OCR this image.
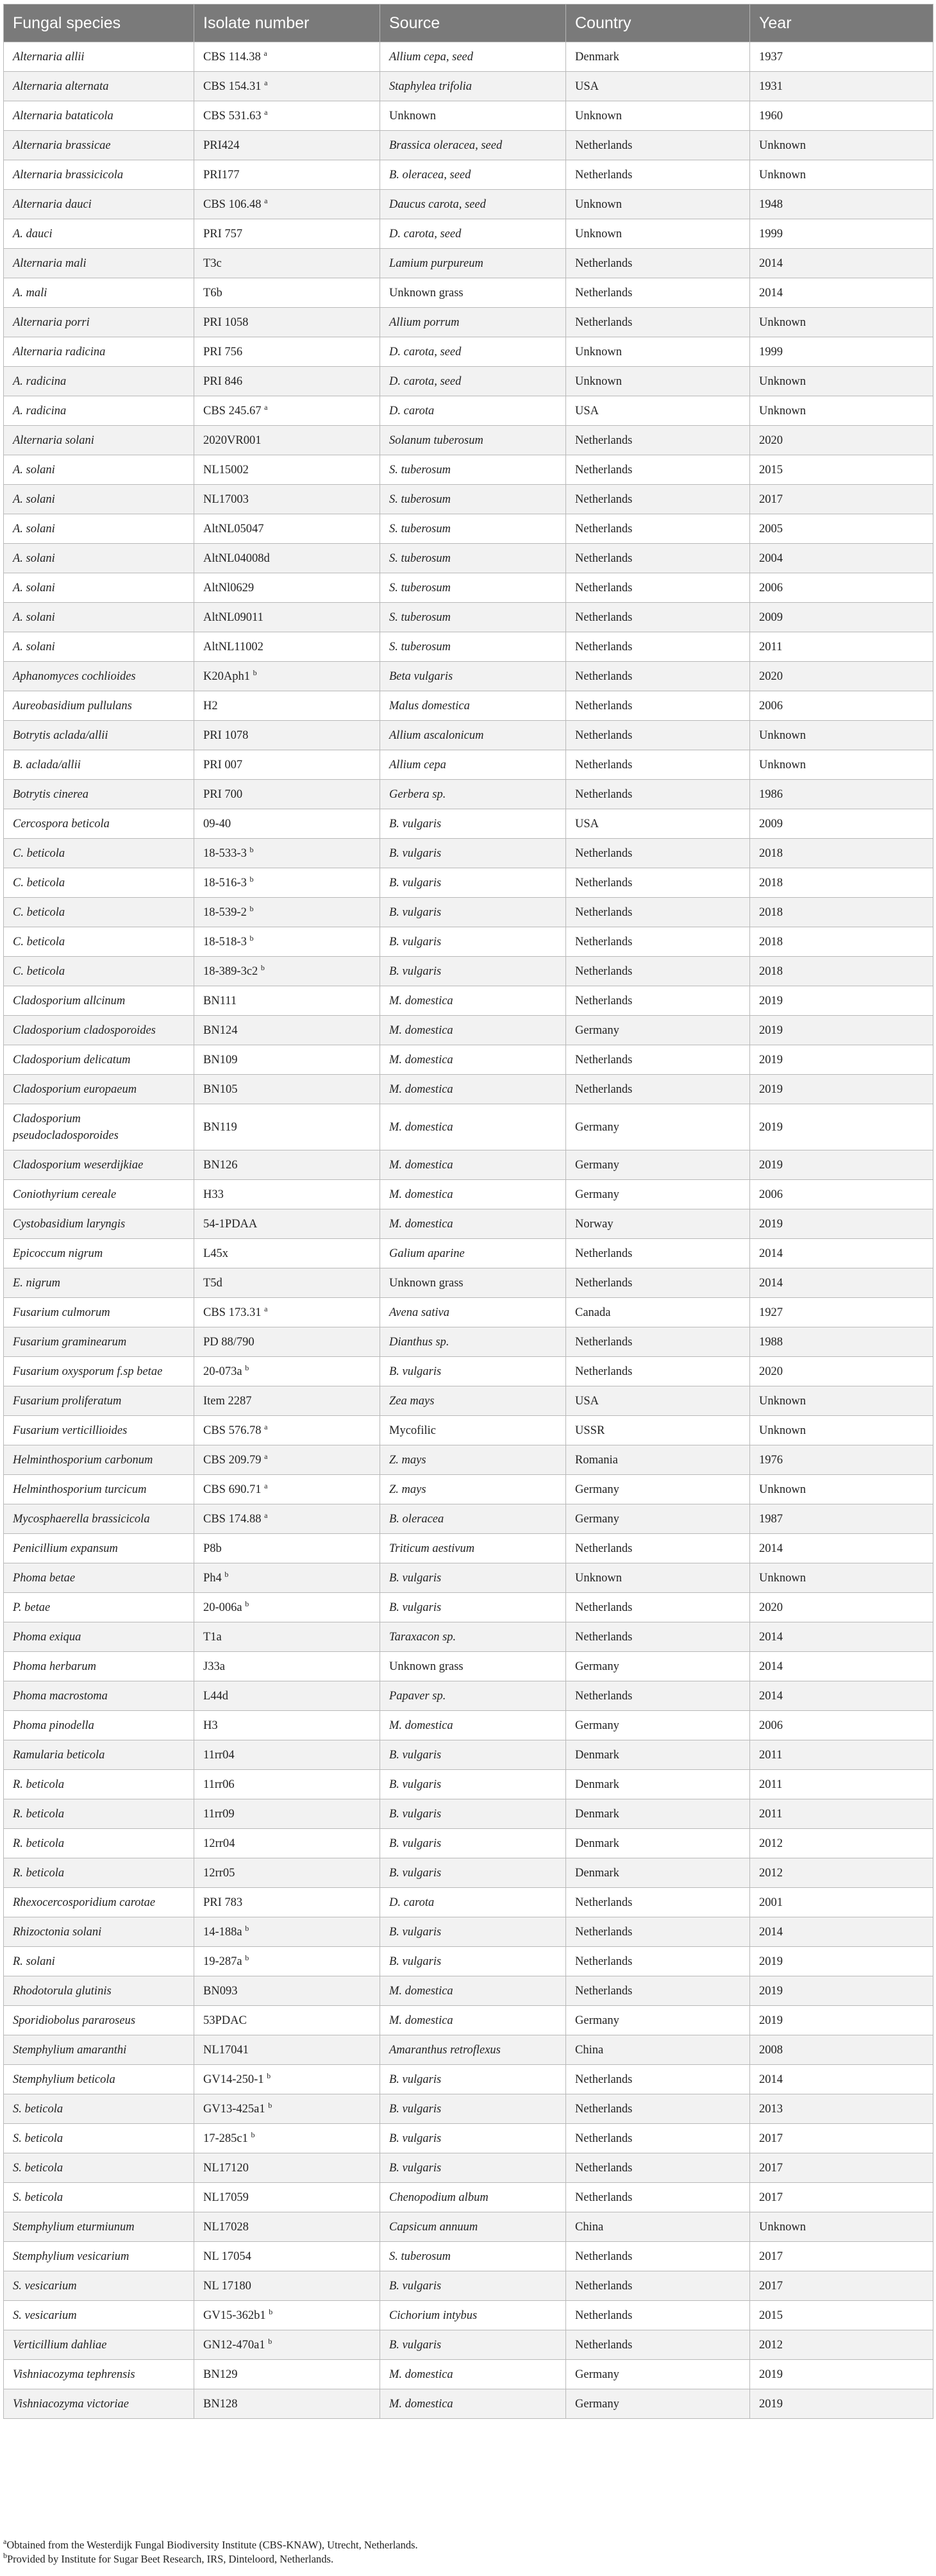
Fungal species	Isolate number	Source	Country	Year
Alternaria allii	CBS 114.38 $^a$	Allium cepa, seed	Denmark	1937
Alternaria alternata	CBS 154.31 $^a$	Staphylea trifolia	USA	1931
Alternaria bataticola	CBS 531.63 $^a$	Unknown	Unknown	1960
Alternaria brassicae	PRI424	Brassica oleracea, seed	Netherlands	Unknown
Alternaria brassicicola	PRI177	B. oleracea, seed	Netherlands	Unknown
Alternaria dauci	CBS 106.48 $^a$	Daucus carota, seed	Unknown	1948
A. dauci	PRI 757	D. carota, seed	Unknown	1999
Alternaria mali	T3c	Lamium purpureum	Netherlands	2014
A. mali	T6b	Unknown grass	Netherlands	2014
Alternaria porri	PRI 1058	Allium porrum	Netherlands	Unknown
Alternaria radicina	PRI 756	D. carota, seed	Unknown	1999
A. radicina	PRI 846	D. carota, seed	Unknown	Unknown
A. radicina	CBS 245.67 $^a$	D. carota	USA	Unknown
Alternaria solani	2020VR001	Solanum tuberosum	Netherlands	2020
A. solani	NL15002	S. tuberosum	Netherlands	2015
A. solani	NL17003	S. tuberosum	Netherlands	2017
A. solani	AltNL05047	S. tuberosum	Netherlands	2005
A. solani	AltNL04008d	S. tuberosum	Netherlands	2004
A. solani	AltNl0629	S. tuberosum	Netherlands	2006
A. solani	AltNL09011	S. tuberosum	Netherlands	2009
A. solani	AltNL11002	S. tuberosum	Netherlands	2011
Aphanomyces cochlioides	K20Aph1 $^b$	Beta vulgaris	Netherlands	2020
Aureobasidium pullulans	H2	Malus domestica	Netherlands	2006
Botrytis aclada/allii	PRI 1078	Allium ascalonicum	Netherlands	Unknown
B. aclada/allii	PRI 007	Allium cepa	Netherlands	Unknown
Botrytis cinerea	PRI 700	Gerbera sp.	Netherlands	1986
Cercospora beticola	09-40	B. vulgaris	USA	2009
C. beticola	18-533-3 $^b$	B. vulgaris	Netherlands	2018
C. beticola	18-516-3 $^b$	B. vulgaris	Netherlands	2018
C. beticola	18-539-2 $^b$	B. vulgaris	Netherlands	2018
C. beticola	18-518-3 $^b$	B. vulgaris	Netherlands	2018
C. beticola	18-389-3c2 $^b$	B. vulgaris	Netherlands	2018
Cladosporium allcinum	BN111	M. domestica	Netherlands	2019
Cladosporium cladosporoides	BN124	M. domestica	Germany	2019
Cladosporium delicatum	BN109	M. domestica	Netherlands	2019
Cladosporium europaeum	BN105	M. domestica	Netherlands	2019
Cladosporium pseudocladosporoides	BN119	M. domestica	Germany	2019
Cladosporium weserdijkiae	BN126	M. domestica	Germany	2019
Coniothyrium cereale	H33	M. domestica	Germany	2006
Cystobasidium laryngis	54-1PDAA	M. domestica	Norway	2019
Epicoccum nigrum	L45x	Galium aparine	Netherlands	2014
E. nigrum	T5d	Unknown grass	Netherlands	2014
Fusarium culmorum	CBS 173.31 $^a$	Avena sativa	Canada	1927
Fusarium graminearum	PD 88/790	Dianthus sp.	Netherlands	1988
Fusarium oxysporum f.sp betae	20-073a $^b$	B. vulgaris	Netherlands	2020
Fusarium proliferatum	Item 2287	Zea mays	USA	Unknown
Fusarium verticillioides	CBS 576.78 $^a$	Mycofilic	USSR	Unknown
Helminthosporium carbonum	CBS 209.79 $^a$	Z. mays	Romania	1976
Helminthosporium turcicum	CBS 690.71 $^a$	Z. mays	Germany	Unknown
Mycosphaerella brassicicola	CBS 174.88 $^a$	B. oleracea	Germany	1987
Penicillium expansum	P8b	Triticum aestivum	Netherlands	2014
Phoma betae	Ph4 $^b$	B. vulgaris	Unknown	Unknown
P. betae	20-006a $^b$	B. vulgaris	Netherlands	2020
Phoma exiqua	T1a	Taraxacon sp.	Netherlands	2014
Phoma herbarum	J33a	Unknown grass	Germany	2014
Phoma macrostoma	L44d	Papaver sp.	Netherlands	2014
Phoma pinodella	H3	M. domestica	Germany	2006
Ramularia beticola	11rr04	B. vulgaris	Denmark	2011
R. beticola	11rr06	B. vulgaris	Denmark	2011
R. beticola	11rr09	B. vulgaris	Denmark	2011
R. beticola	12rr04	B. vulgaris	Denmark	2012
R. beticola	12rr05	B. vulgaris	Denmark	2012
Rhexocercosporidium carotae	PRI 783	D. carota	Netherlands	2001
Rhizoctonia solani	14-188a $^b$	B. vulgaris	Netherlands	2014
R. solani	19-287a $^b$	B. vulgaris	Netherlands	2019
Rhodotorula glutinis	BN093	M. domestica	Netherlands	2019
Sporidiobolus pararoseus	53PDAC	M. domestica	Germany	2019
Stemphylium amaranthi	NL17041	Amaranthus retroflexus	China	2008
Stemphylium beticola	GV14-250-1 $^b$	B. vulgaris	Netherlands	2014
S. beticola	GV13-425a1 $^b$	B. vulgaris	Netherlands	2013
S. beticola	17-285c1 $^b$	B. vulgaris	Netherlands	2017
S. beticola	NL17120	B. vulgaris	Netherlands	2017
S. beticola	NL17059	Chenopodium album	Netherlands	2017
Stemphylium eturmiunum	NL17028	Capsicum annuum	China	Unknown
Stemphylium vesicarium	NL 17054	S. tuberosum	Netherlands	2017
S. vesicarium	NL 17180	B. vulgaris	Netherlands	2017
S. vesicarium	GV15-362b1 $^b$	Cichorium intybus	Netherlands	2015
Verticillium dahliae	GN12-470a1 $^b$	B. vulgaris	Netherlands	2012
Vishniacozyma tephrensis	BN129	M. domestica	Germany	2019
Vishniacozyma victoriae	BN128	M. domestica	Germany	2019
$^a$Obtained from the Westerdijk Fungal Biodiversity Institute (CBS-KNAW), Utrecht, Netherlands.
$^b$Provided by Institute for Sugar Beet Research, IRS, Dinteloord, Netherlands.
